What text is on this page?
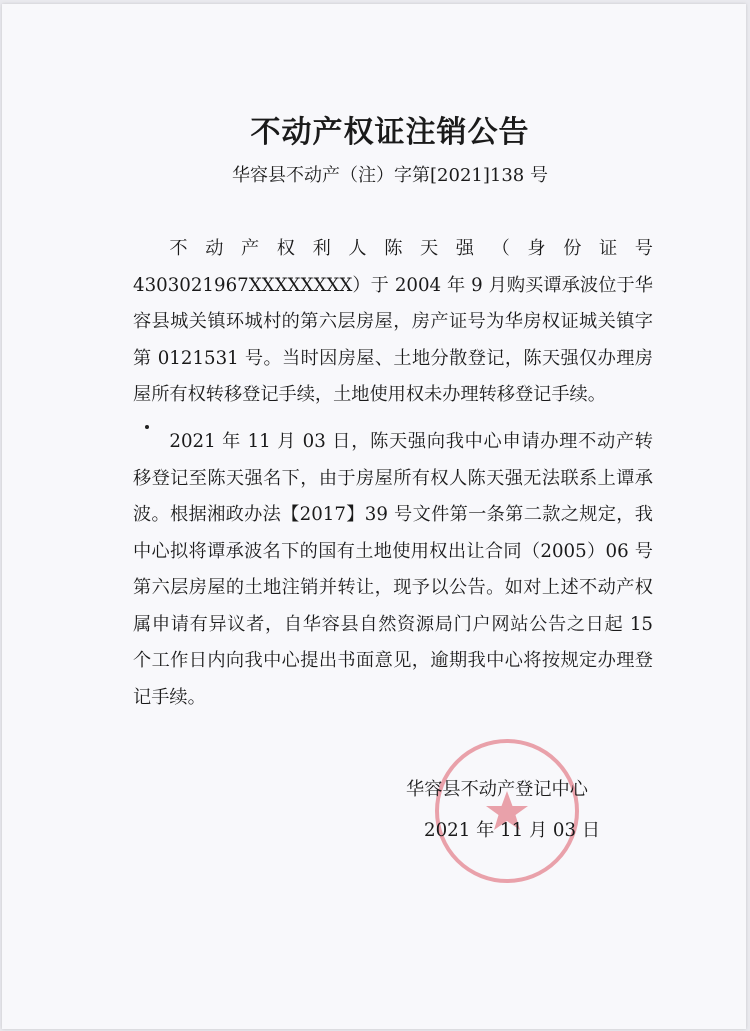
不动产权证注销公告
华容县不动产（注）字第[2021]138 号

不动产权利人陈天强（身份证号 4303021967XXXXXXXX）于 2004 年 9 月购买谭承波位于华容县城关镇环城村的第六层房屋，房产证号为华房权证城关镇字第 0121531 号。当时因房屋、土地分散登记，陈天强仅办理房屋所有权转移登记手续，土地使用权未办理转移登记手续。

2021 年 11 月 03 日，陈天强向我中心申请办理不动产转移登记至陈天强名下，由于房屋所有权人陈天强无法联系上谭承波。根据湘政办法【2017】39 号文件第一条第二款之规定，我中心拟将谭承波名下的国有土地使用权出让合同（2005）06 号第六层房屋的土地注销并转让，现予以公告。如对上述不动产权属申请有异议者，自华容县自然资源局门户网站公告之日起 15 个工作日内向我中心提出书面意见，逾期我中心将按规定办理登记手续。

华容县不动产登记中心
2021 年 11 月 03 日
